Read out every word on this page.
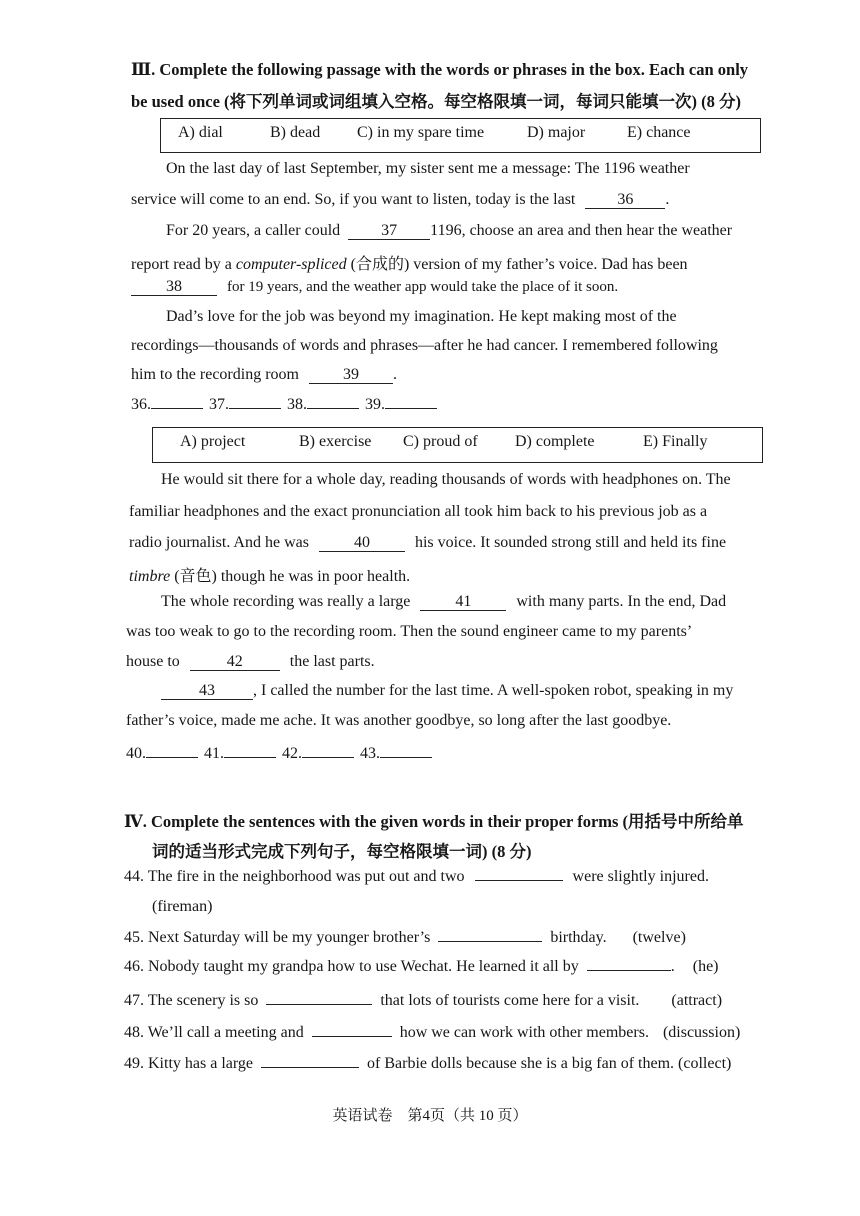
Ⅲ. Complete the following passage with the words or phrases in the box. Each can only
be used once (将下列单词或词组填入空格。每空格限填一词，每词只能填一次) (8 分)
A) dial	B) dead C) in my spare time	D) major	E) chance
On the last day of last September, my sister sent me a message: The 1196 weather
service will come to an end. So, if you want to listen, today is the last	36 .
For 20 years, a caller could	37 1196, choose an area and then hear the weather
report read by a computer-spliced (合成的) version of my father’s voice. Dad has been
38	for 19 years, and the weather app would take the place of it soon.
Dad’s love for the job was beyond my imagination. He kept making most of the
recordings—thousands of words and phrases—after he had cancer. I remembered following
him to the recording room	39 .
36.	37.	38.	39.
A) project	B) exercise C) proud of D) complete	E) Finally
He would sit there for a whole day, reading thousands of words with headphones on. The
familiar headphones and the exact pronunciation all took him back to his previous job as a
radio journalist. And he was	40	his voice. It sounded strong still and held its fine
timbre (音色) though he was in poor health.
The whole recording was really a large	41	with many parts. In the end, Dad
was too weak to go to the recording room. Then the sound engineer came to my parents’
house to	42	the last parts.
43 , I called the number for the last time. A well-spoken robot, speaking in my
father’s voice, made me ache. It was another goodbye, so long after the last goodbye.
40.	41.	42.	43.
Ⅳ. Complete the sentences with the given words in their proper forms (用括号中所给单
词的适当形式完成下列句子，每空格限填一词) (8 分)
44. The fire in the neighborhood was put out and two	were slightly injured.
(fireman)
45. Next Saturday will be my younger brother’s	birthday. (twelve)
46. Nobody taught my grandpa how to use Wechat. He learned it all by	. (he)
47. The scenery is so	that lots of tourists come here for a visit. (attract)
48. We’ll call a meeting and	how we can work with other members. (discussion)
49. Kitty has a large	of Barbie dolls because she is a big fan of them. (collect)
英语试卷　第4页（共 10 页）
